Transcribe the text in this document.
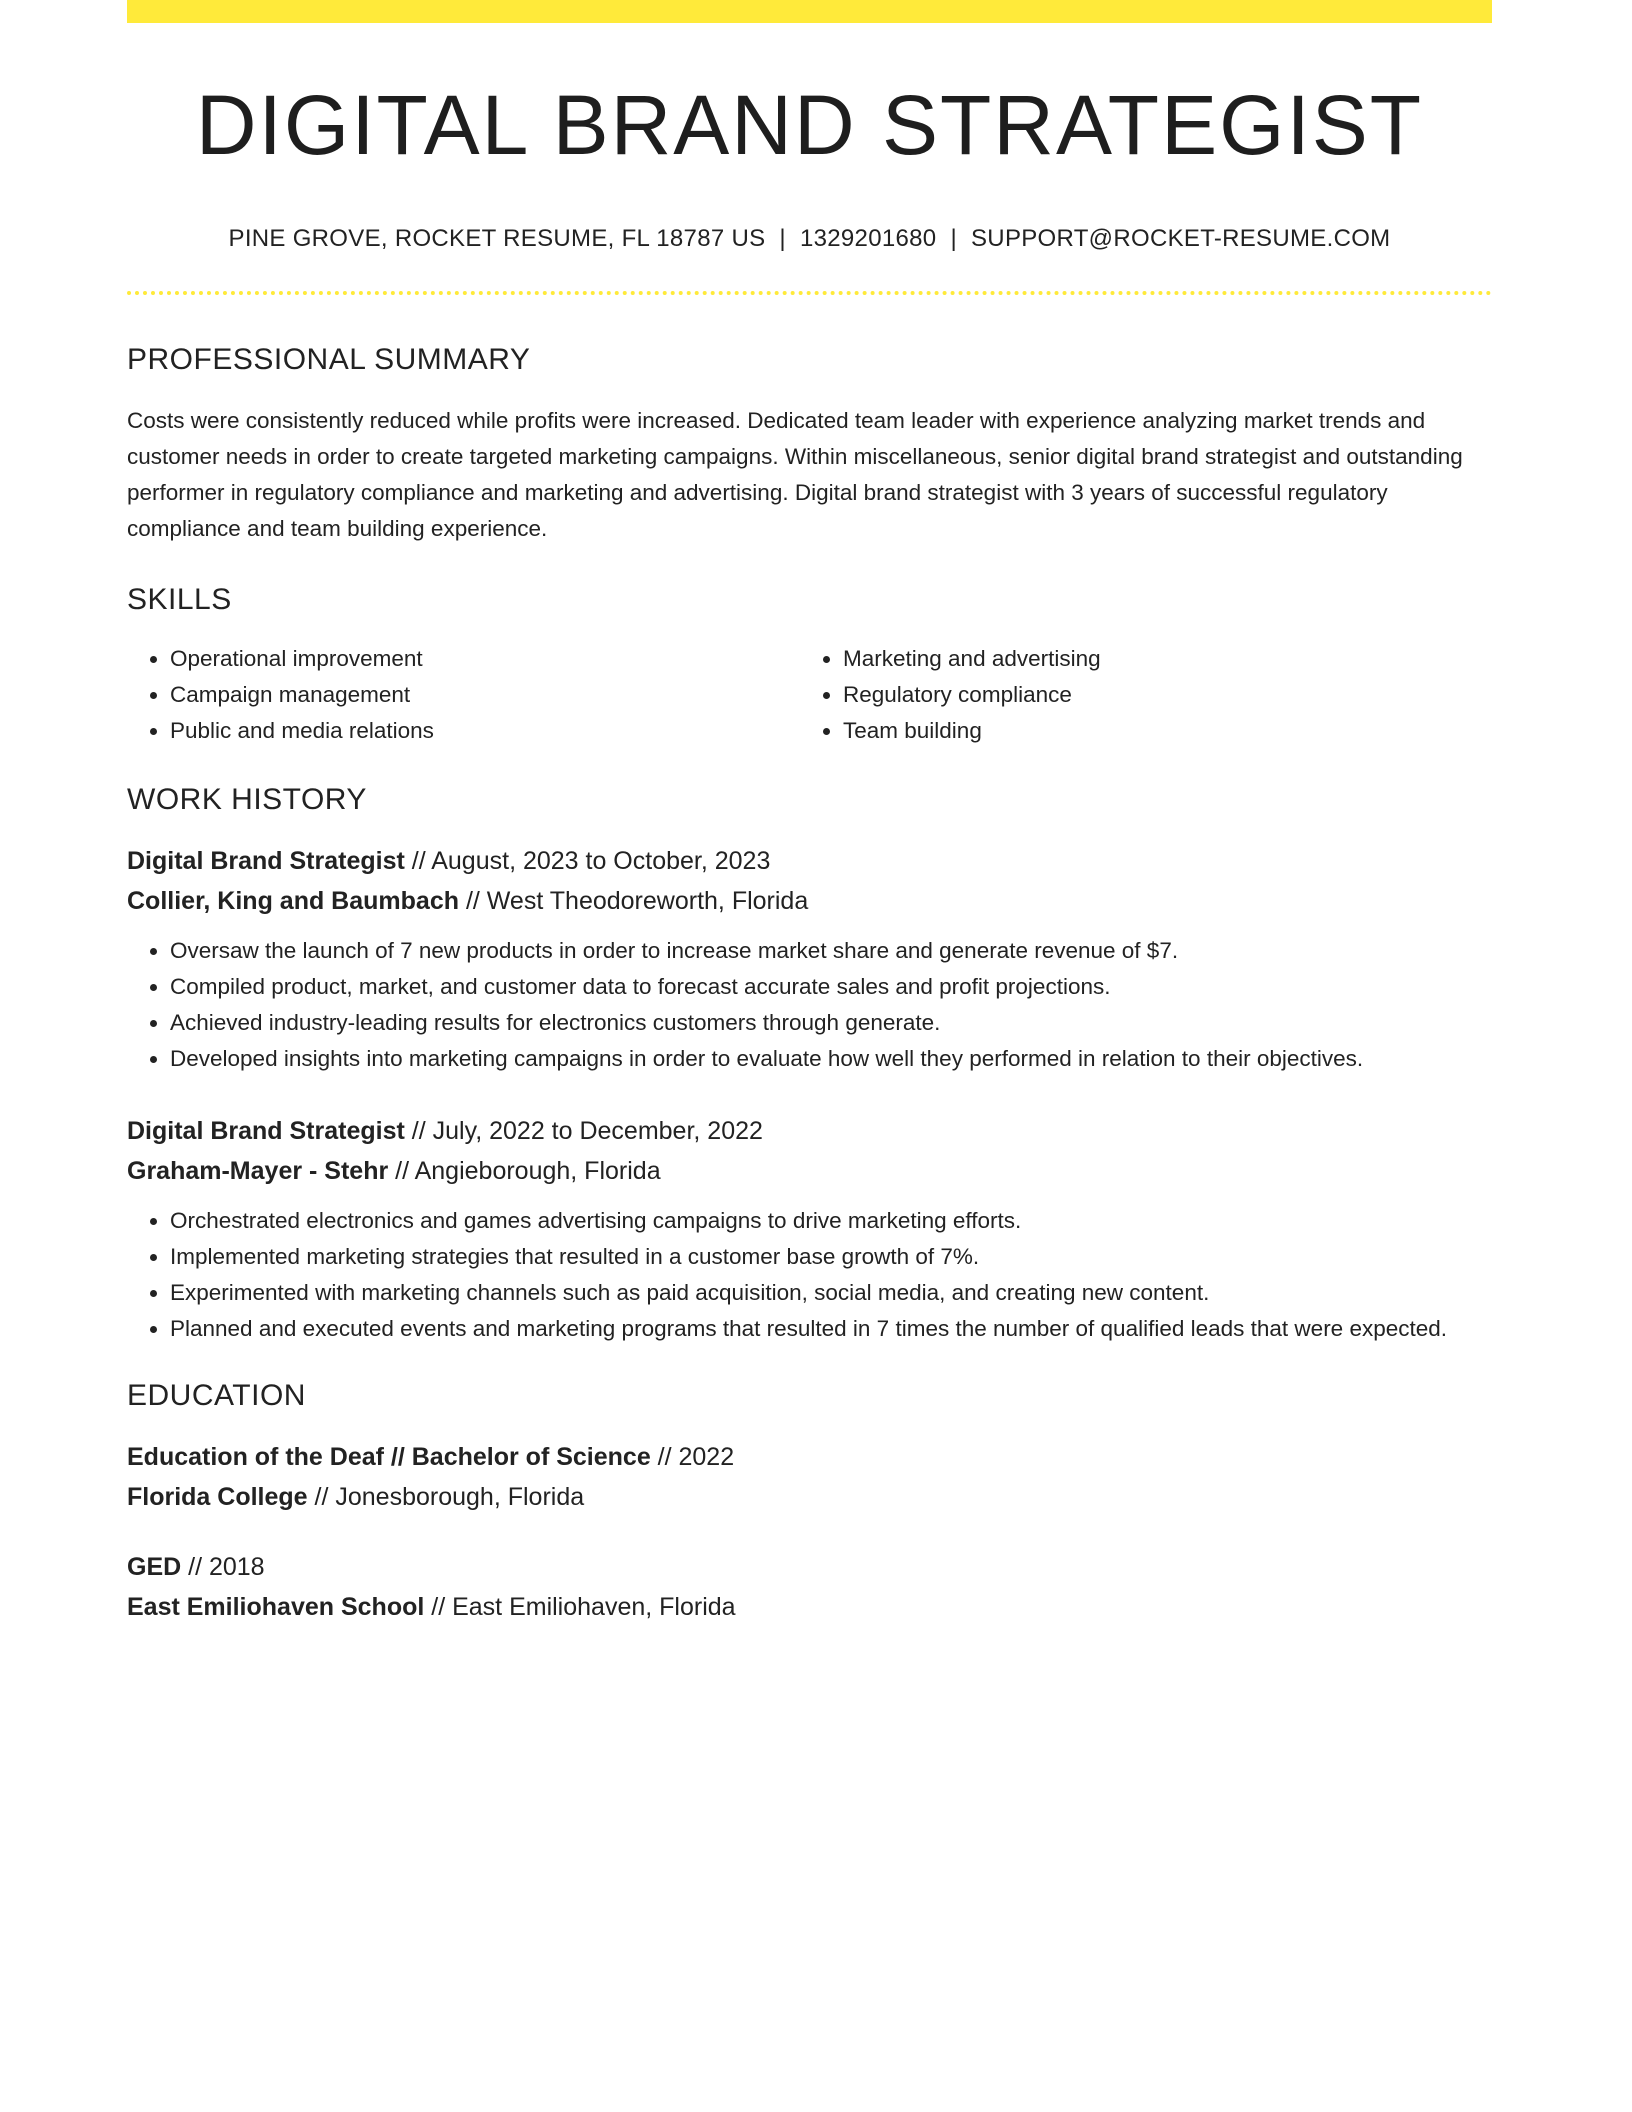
DIGITAL BRAND STRATEGIST
PINE GROVE, ROCKET RESUME, FL 18787 US | 1329201680 | SUPPORT@ROCKET-RESUME.COM
PROFESSIONAL SUMMARY
Costs were consistently reduced while profits were increased. Dedicated team leader with experience analyzing market trends and customer needs in order to create targeted marketing campaigns. Within miscellaneous, senior digital brand strategist and outstanding performer in regulatory compliance and marketing and advertising. Digital brand strategist with 3 years of successful regulatory compliance and team building experience.
SKILLS
• Operational improvement
• Campaign management
• Public and media relations
• Marketing and advertising
• Regulatory compliance
• Team building
WORK HISTORY
Digital Brand Strategist // August, 2023 to October, 2023
Collier, King and Baumbach // West Theodoreworth, Florida
• Oversaw the launch of 7 new products in order to increase market share and generate revenue of $7.
• Compiled product, market, and customer data to forecast accurate sales and profit projections.
• Achieved industry-leading results for electronics customers through generate.
• Developed insights into marketing campaigns in order to evaluate how well they performed in relation to their objectives.
Digital Brand Strategist // July, 2022 to December, 2022
Graham-Mayer - Stehr // Angieborough, Florida
• Orchestrated electronics and games advertising campaigns to drive marketing efforts.
• Implemented marketing strategies that resulted in a customer base growth of 7%.
• Experimented with marketing channels such as paid acquisition, social media, and creating new content.
• Planned and executed events and marketing programs that resulted in 7 times the number of qualified leads that were expected.
EDUCATION
Education of the Deaf // Bachelor of Science // 2022
Florida College // Jonesborough, Florida
GED // 2018
East Emiliohaven School // East Emiliohaven, Florida
